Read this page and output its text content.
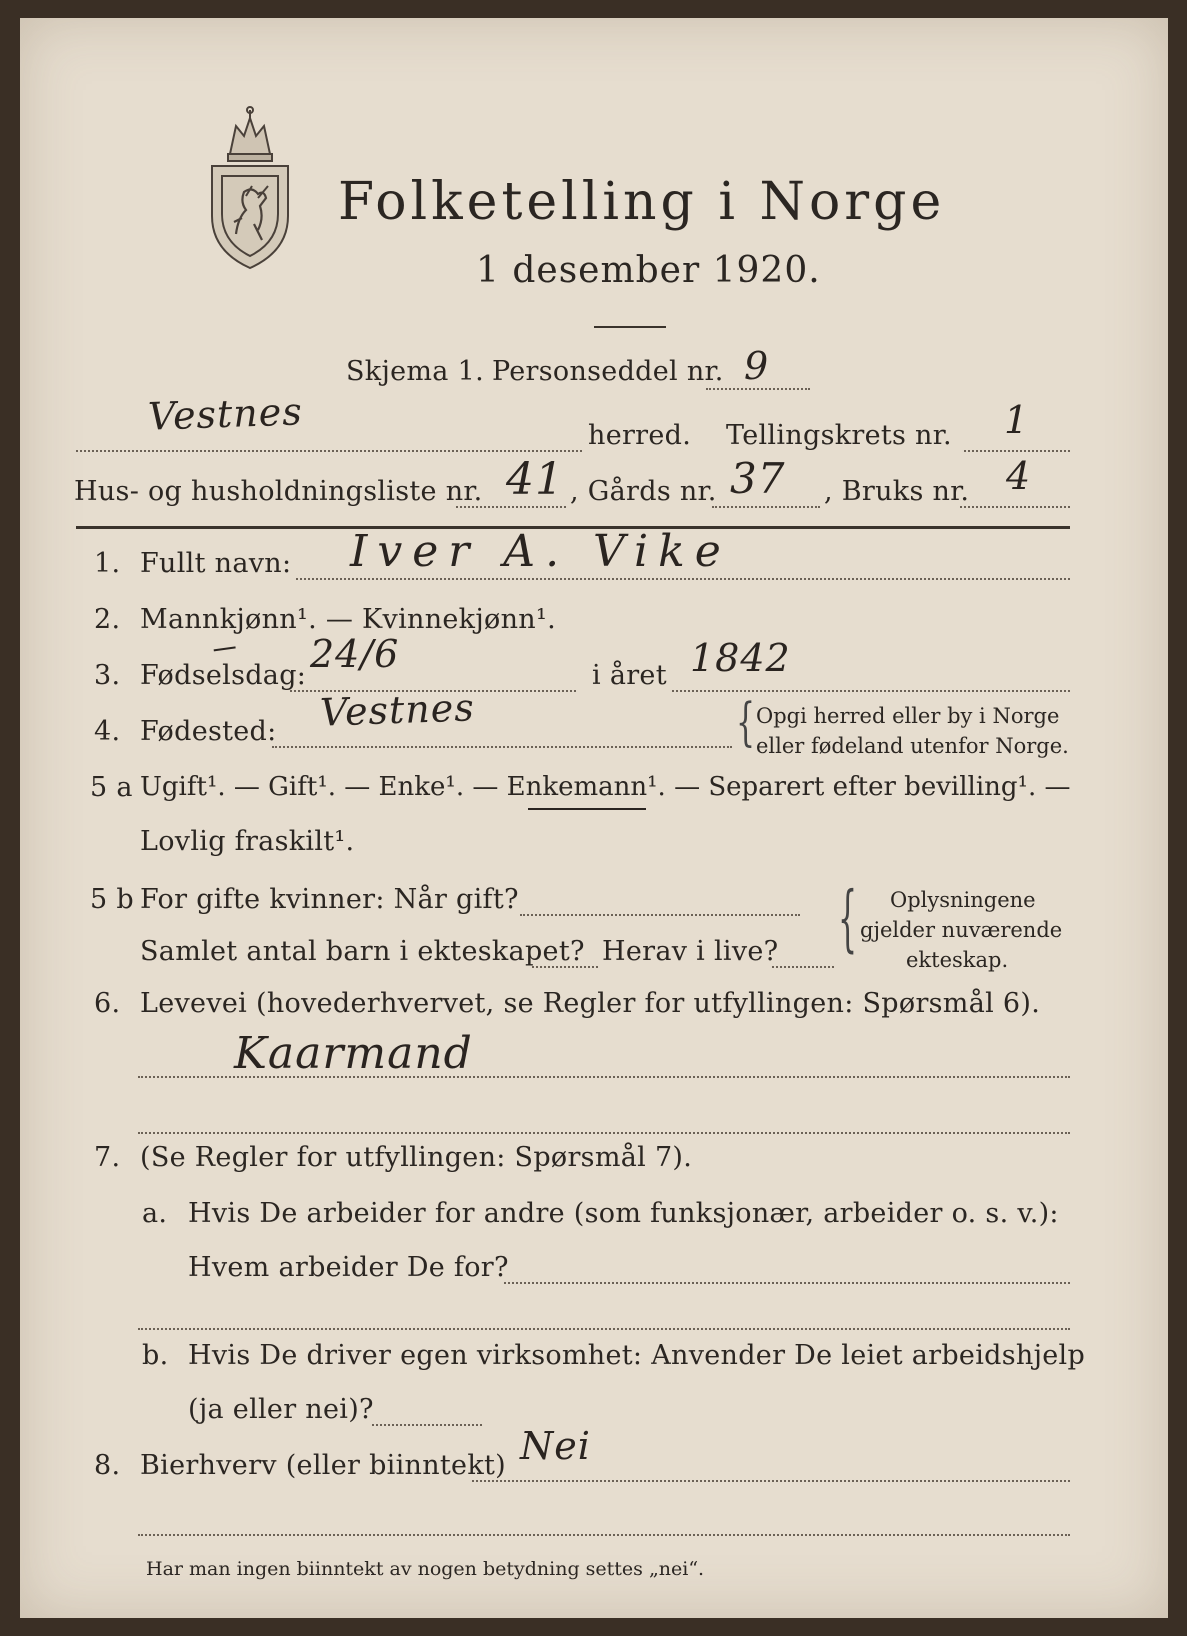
Folketelling i Norge
1 desember 1920.
Skjema 1. Personseddel nr. 9
Vestnes	herred. Tellingskrets nr. 1
Hus- og husholdningsliste nr. 41 , Gårds nr. 37 , Bruks nr. 4
1. Fullt navn: Iver A. Vike
2. Mannkjønn¹. — Kvinnekjønn¹.
3. Fødselsdag: 24/6	i året 1842
4. Fødested: Vestnes	{ Opgi herred eller by i Norge
eller fødeland utenfor Norge.
5 a Ugift¹. — Gift¹. — Enke¹. — Enkemann¹. — Separert efter bevilling¹. —
Lovlig fraskilt¹.
5 b For gifte kvinner: Når gift?
Samlet antal barn i ekteskapet? Herav i live? { Oplysningene
gjelder nuværende
ekteskap.
6. Levevei (hovederhvervet, se Regler for utfyllingen: Spørsmål 6).
Kaarmand
7. (Se Regler for utfyllingen: Spørsmål 7).
a. Hvis De arbeider for andre (som funksjonær, arbeider o. s. v.):
Hvem arbeider De for?
b. Hvis De driver egen virksomhet: Anvender De leiet arbeidshjelp
(ja eller nei)?
8. Bierhverv (eller biinntekt) Nei
Har man ingen biinntekt av nogen betydning settes „nei“.
